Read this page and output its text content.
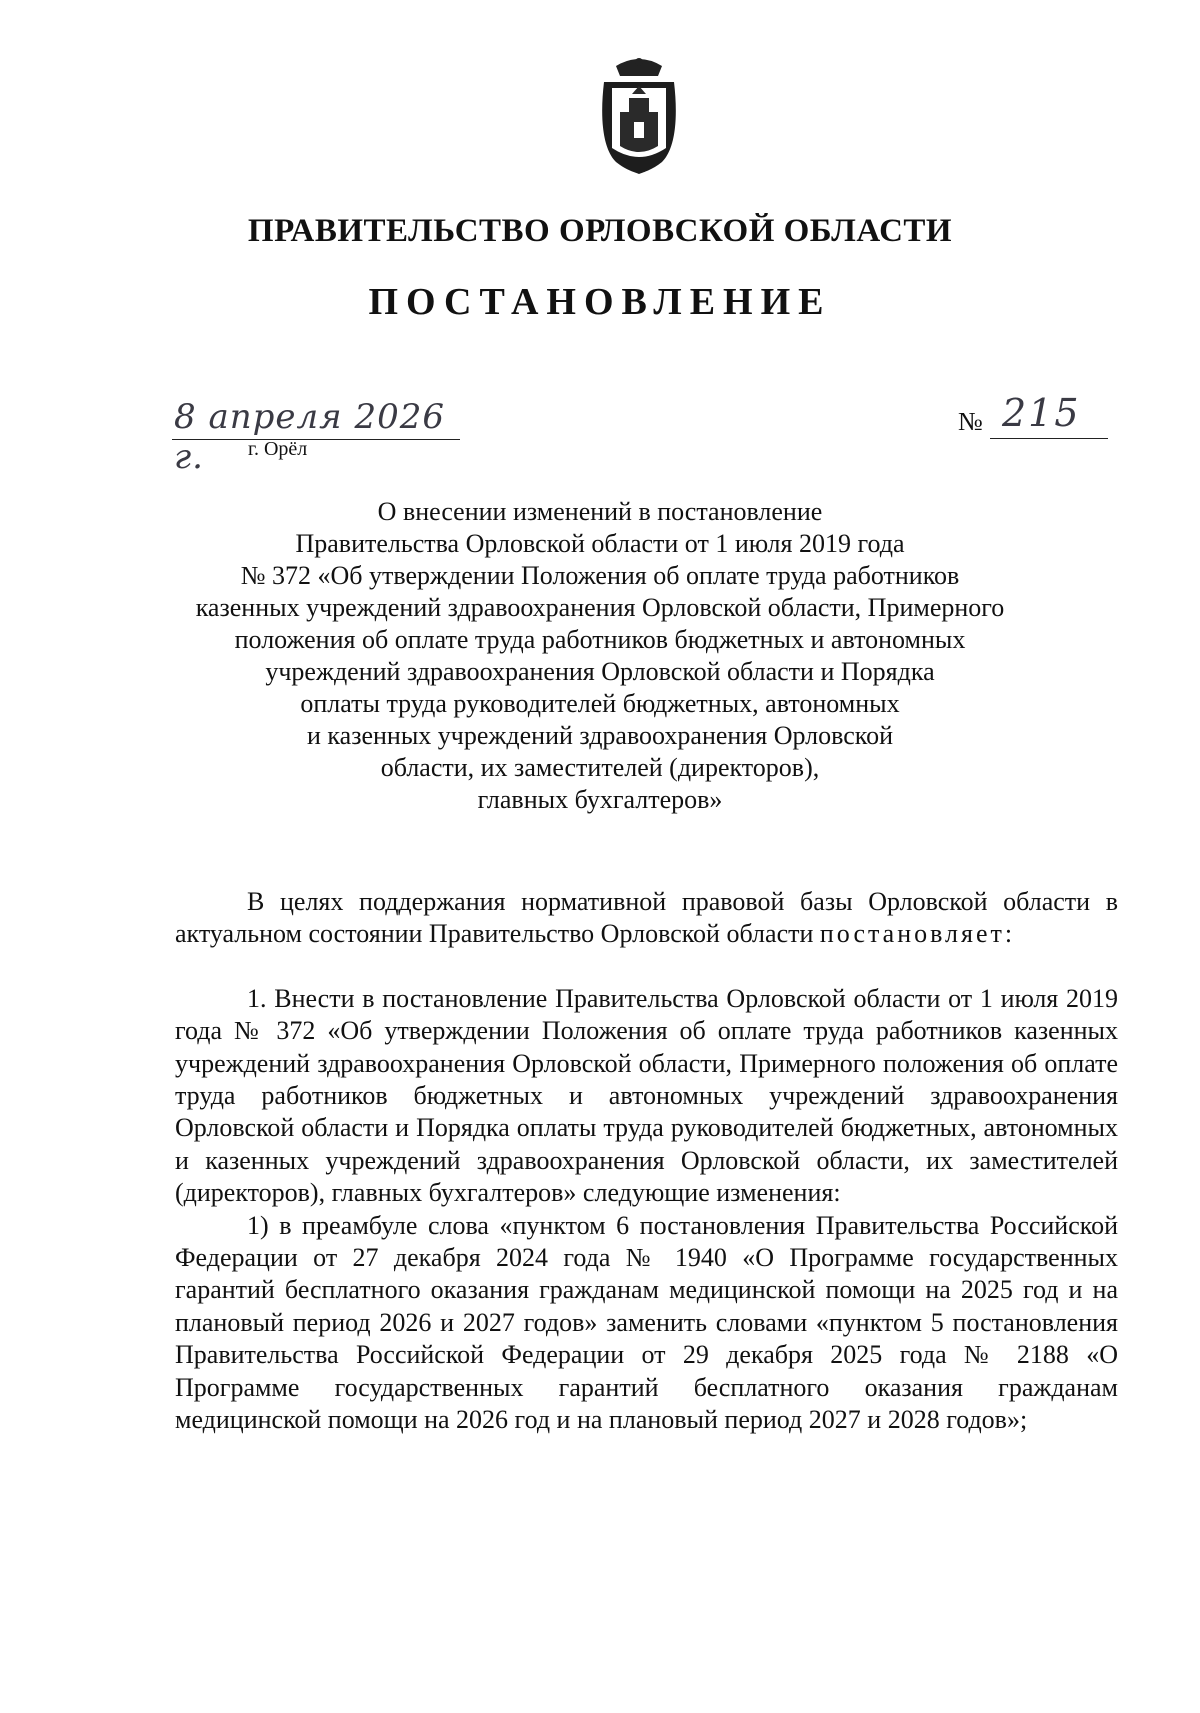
ПРАВИТЕЛЬСТВО ОРЛОВСКОЙ ОБЛАСТИ
ПОСТАНОВЛЕНИЕ
8 апреля 2026 г.	г. Орёл
№ 215
О внесении изменений в постановление
Правительства Орловской области от 1 июля 2019 года
№ 372 «Об утверждении Положения об оплате труда работников
казенных учреждений здравоохранения Орловской области, Примерного
положения об оплате труда работников бюджетных и автономных
учреждений здравоохранения Орловской области и Порядка
оплаты труда руководителей бюджетных, автономных
и казенных учреждений здравоохранения Орловской
области, их заместителей (директоров),
главных бухгалтеров»

В целях поддержания нормативной правовой базы Орловской области в актуальном состоянии Правительство Орловской области постановляет:

1. Внести в постановление Правительства Орловской области от 1 июля 2019 года № 372 «Об утверждении Положения об оплате труда работников казенных учреждений здравоохранения Орловской области, Примерного положения об оплате труда работников бюджетных и автономных учреждений здравоохранения Орловской области и Порядка оплаты труда руководителей бюджетных, автономных и казенных учреждений здравоохранения Орловской области, их заместителей (директоров), главных бухгалтеров» следующие изменения:

1) в преамбуле слова «пунктом 6 постановления Правительства Российской Федерации от 27 декабря 2024 года № 1940 «О Программе государственных гарантий бесплатного оказания гражданам медицинской помощи на 2025 год и на плановый период 2026 и 2027 годов» заменить словами «пунктом 5 постановления Правительства Российской Федерации от 29 декабря 2025 года № 2188 «О Программе государственных гарантий бесплатного оказания гражданам медицинской помощи на 2026 год и на плановый период 2027 и 2028 годов»;
